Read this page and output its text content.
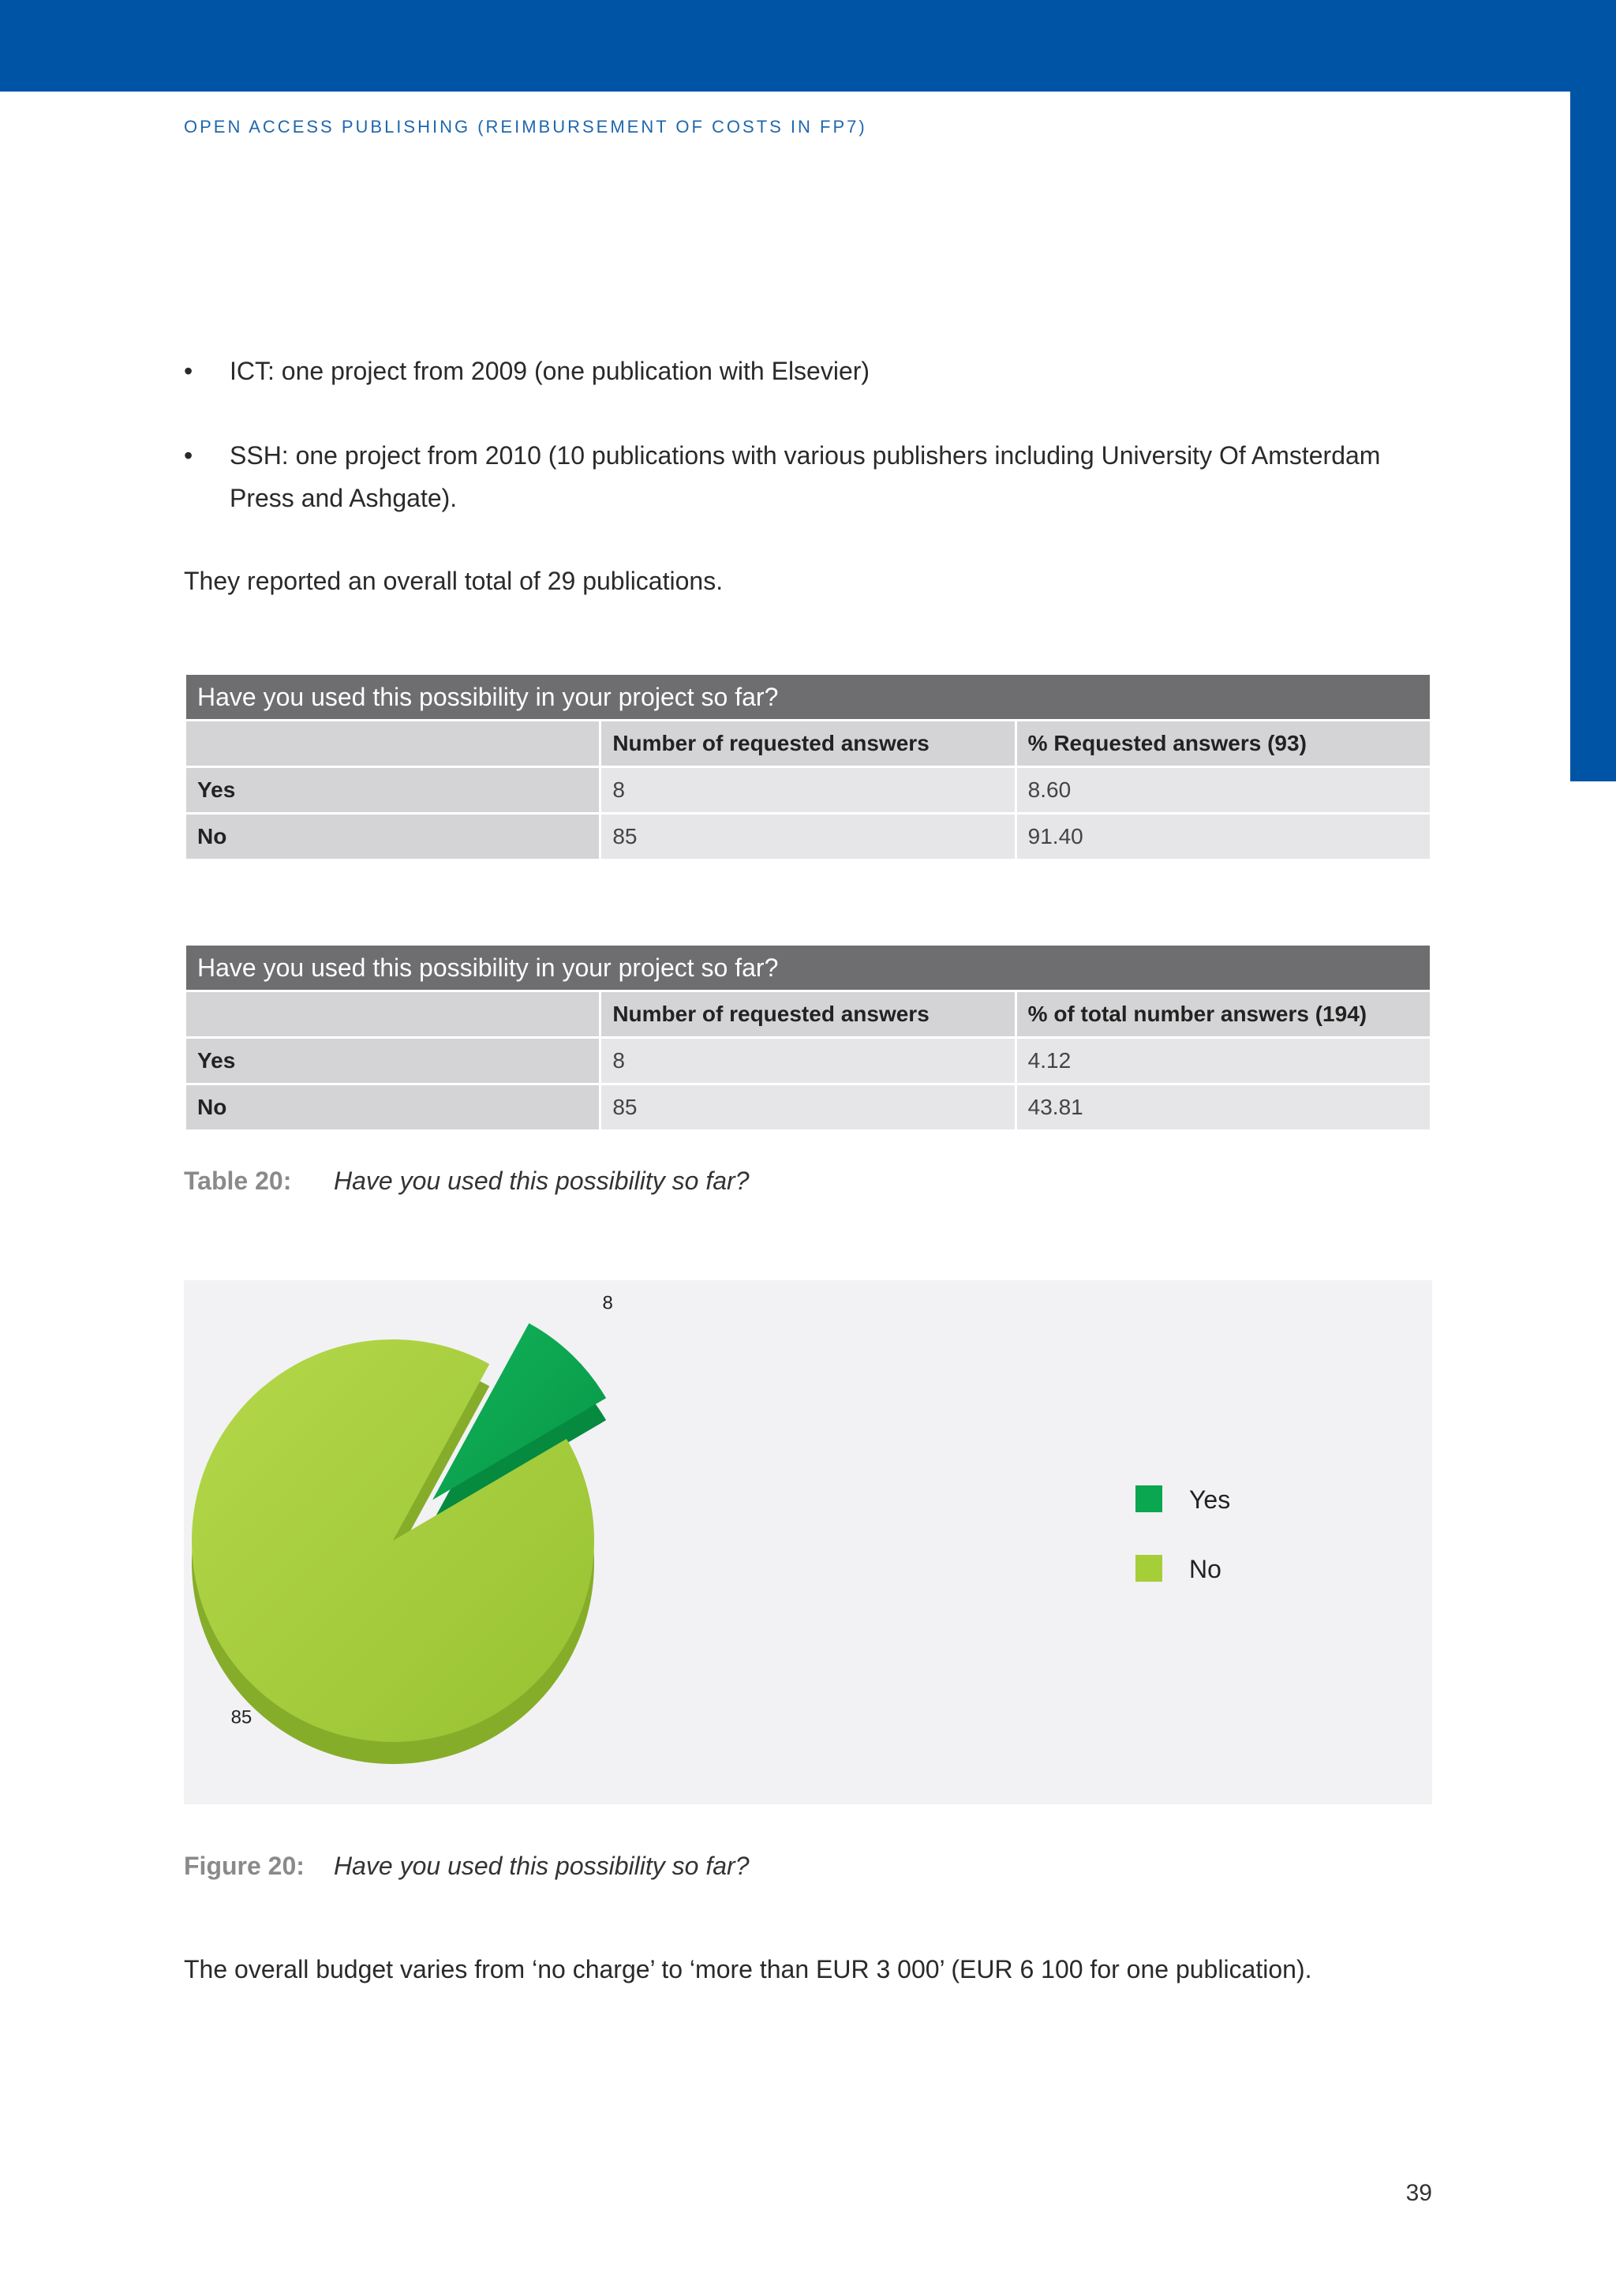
OPEN ACCESS PUBLISHING (REIMBURSEMENT OF COSTS IN FP7)
• ICT: one project from 2009 (one publication with Elsevier)
• SSH: one project from 2010 (10 publications with various publishers including University Of Amsterdam Press and Ashgate).
They reported an overall total of 29 publications.
Have you used this possibility in your project so far?		
	Number of requested answers	% Requested answers (93)
Yes	8	8.60
No	85	91.40
Have you used this possibility in your project so far?		
	Number of requested answers	% of total number answers (194)
Yes	8	4.12
No	85	43.81
Table 20: Have you used this possibility so far?
8
85
Yes
No
Figure 20: Have you used this possibility so far?
The overall budget varies from ‘no charge’ to ‘more than EUR 3 000’ (EUR 6 100 for one publication).
39
